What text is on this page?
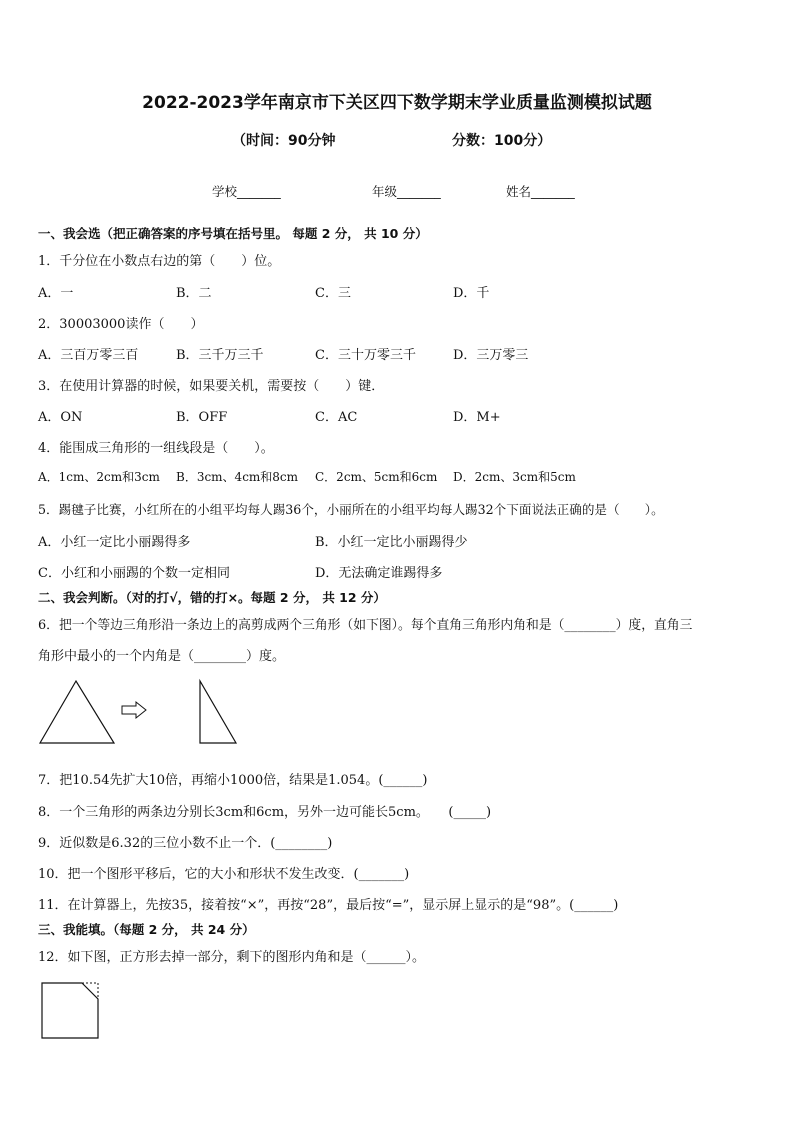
2022-2023学年南京市下关区四下数学期末学业质量监测模拟试题
（时间：90分钟	分数：100分）
学校_______	年级_______	姓名_______
一、我会选（把正确答案的序号填在括号里。 每题 2 分， 共 10 分）
1．千分位在小数点右边的第（　　）位。
A．一	B．二	C．三	D．千
2．30003000读作（　　）
A．三百万零三百	B．三千万三千	C．三十万零三千	D．三万零三
3．在使用计算器的时候，如果要关机，需要按（　　）键．
A．ON	B．OFF	C．AC	D．M+
4．能围成三角形的一组线段是（　　）。
A．1cm、2cm和3cm B．3cm、4cm和8cm C．2cm、5cm和6cm D．2cm、3cm和5cm
5．踢毽子比赛，小红所在的小组平均每人踢36个，小丽所在的小组平均每人踢32个下面说法正确的是（　　）。
A．小红一定比小丽踢得多	B．小红一定比小丽踢得少
C．小红和小丽踢的个数一定相同	D．无法确定谁踢得多
二、我会判断。（对的打√，错的打×。每题 2 分， 共 12 分）
6．把一个等边三角形沿一条边上的高剪成两个三角形（如下图）。每个直角三角形内角和是（________）度，直角三
角形中最小的一个内角是（________）度。
7．把10.54先扩大10倍，再缩小1000倍，结果是1.054。(______)
8．一个三角形的两条边分别长3cm和6cm，另外一边可能长5cm。　　(_____)
9．近似数是6.32的三位小数不止一个．(________)
10．把一个图形平移后，它的大小和形状不发生改变．(_______)
11．在计算器上，先按35，接着按“×”，再按“28”，最后按“=”，显示屏上显示的是“98”。(______)
三、我能填。（每题 2 分， 共 24 分）
12．如下图，正方形去掉一部分，剩下的图形内角和是（______）。
